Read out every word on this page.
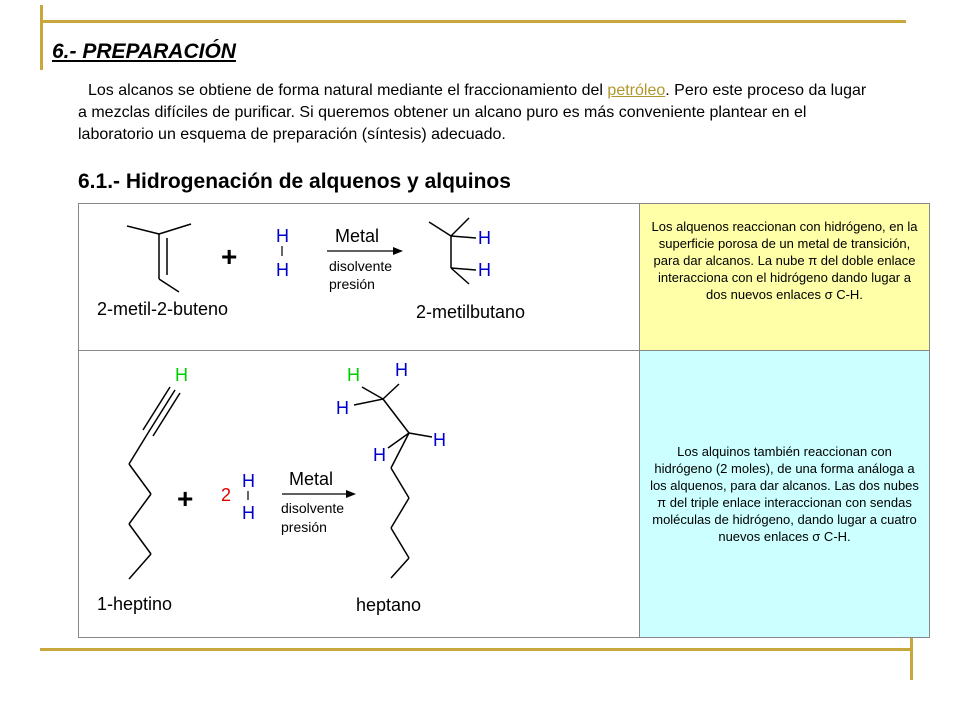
6.- PREPARACIÓN

Los alcanos se obtiene de forma natural mediante el fraccionamiento del petróleo. Pero este proceso da lugar a mezclas difíciles de purificar. Si queremos obtener un alcano puro es más conveniente plantear en el laboratorio un esquema de preparación (síntesis) adecuado.

6.1.- Hidrogenación de alquenos y alquinos
2-metil-2-buteno
+
H
H
Metal
disolvente
presión
H
H
2-metilbutano

Los alquenos reaccionan con hidrógeno, en la superficie porosa de un metal de transición, para dar alcanos. La nube π del doble enlace interacciona con el hidrógeno dando lugar a dos nuevos enlaces σ C-H.

H
1-heptino
+ 2
H
H
Metal
disolvente
presión
H H
H
H
H
heptano

Los alquinos también reaccionan con hidrógeno (2 moles), de una forma análoga a los alquenos, para dar alcanos. Las dos nubes π del triple enlace interaccionan con sendas moléculas de hidrógeno, dando lugar a cuatro nuevos enlaces σ C-H.
